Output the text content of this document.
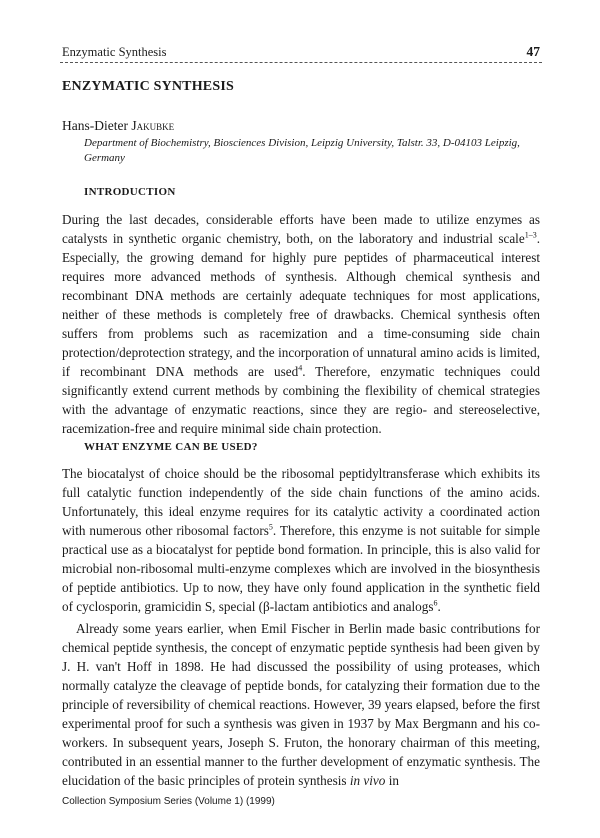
Enzymatic Synthesis	47
ENZYMATIC SYNTHESIS
Hans-Dieter Jakubke
Department of Biochemistry, Biosciences Division, Leipzig University, Talstr. 33, D-04103 Leipzig, Germany
INTRODUCTION
During the last decades, considerable efforts have been made to utilize enzymes as catalysts in synthetic organic chemistry, both, on the laboratory and industrial scale$^{1-3}$. Especially, the growing demand for highly pure peptides of pharmaceutical interest requires more advanced methods of synthesis. Although chemical synthesis and recombinant DNA methods are certainly adequate techniques for most applications, neither of these methods is completely free of drawbacks. Chemical synthesis often suffers from problems such as racemization and a time-consuming side chain protection/deprotection strategy, and the incorporation of unnatural amino acids is limited, if recombinant DNA methods are used$^4$. Therefore, enzymatic techniques could significantly extend current methods by combining the flexibility of chemical strategies with the advantage of enzymatic reactions, since they are regio- and stereoselective, racemization-free and require minimal side chain protection.
WHAT ENZYME CAN BE USED?
The biocatalyst of choice should be the ribosomal peptidyltransferase which exhibits its full catalytic function independently of the side chain functions of the amino acids. Unfortunately, this ideal enzyme requires for its catalytic activity a coordinated action with numerous other ribosomal factors$^5$. Therefore, this enzyme is not suitable for simple practical use as a biocatalyst for peptide bond formation. In principle, this is also valid for microbial non-ribosomal multi-enzyme complexes which are involved in the biosynthesis of peptide antibiotics. Up to now, they have only found application in the synthetic field of cyclosporin, gramicidin S, special (β-lactam antibiotics and analogs$^6$.
Already some years earlier, when Emil Fischer in Berlin made basic contributions for chemical peptide synthesis, the concept of enzymatic peptide synthesis had been given by J. H. van't Hoff in 1898. He had discussed the possibility of using proteases, which normally catalyze the cleavage of peptide bonds, for catalyzing their formation due to the principle of reversibility of chemical reactions. However, 39 years elapsed, before the first experimental proof for such a synthesis was given in 1937 by Max Bergmann and his co-workers. In subsequent years, Joseph S. Fruton, the honorary chairman of this meeting, contributed in an essential manner to the further development of enzymatic synthesis. The elucidation of the basic principles of protein synthesis in vivo in
Collection Symposium Series (Volume 1) (1999)
